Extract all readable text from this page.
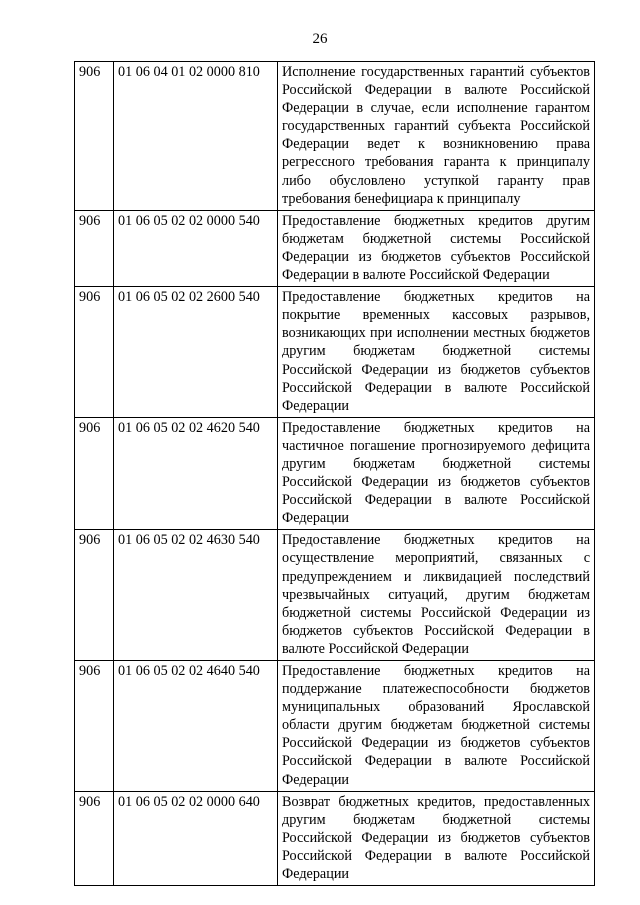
26
906	01 06 04 01 02 0000 810	Исполнение государственных гарантий субъектов Российской Федерации в валюте Российской Федерации в случае, если исполнение гарантом государственных гарантий субъекта Российской Федерации ведет к возникновению права регрессного требования гаранта к принципалу либо обусловлено уступкой гаранту прав требования бенефициара к принципалу
906	01 06 05 02 02 0000 540	Предоставление бюджетных кредитов другим бюджетам бюджетной системы Российской Федерации из бюджетов субъектов Российской Федерации в валюте Российской Федерации
906	01 06 05 02 02 2600 540	Предоставление бюджетных кредитов на покрытие временных кассовых разрывов, возникающих при исполнении местных бюджетов другим бюджетам бюджетной системы Российской Федерации из бюджетов субъектов Российской Федерации в валюте Российской Федерации
906	01 06 05 02 02 4620 540	Предоставление бюджетных кредитов на частичное погашение прогнозируемого дефицита другим бюджетам бюджетной системы Российской Федерации из бюджетов субъектов Российской Федерации в валюте Российской Федерации
906	01 06 05 02 02 4630 540	Предоставление бюджетных кредитов на осуществление мероприятий, связанных с предупреждением и ликвидацией последствий чрезвычайных ситуаций, другим бюджетам бюджетной системы Российской Федерации из бюджетов субъектов Российской Федерации в валюте Российской Федерации
906	01 06 05 02 02 4640 540	Предоставление бюджетных кредитов на поддержание платежеспособности бюджетов муниципальных образований Ярославской области другим бюджетам бюджетной системы Российской Федерации из бюджетов субъектов Российской Федерации в валюте Российской Федерации
906	01 06 05 02 02 0000 640	Возврат бюджетных кредитов, предоставленных другим бюджетам бюджетной системы Российской Федерации из бюджетов субъектов Российской Федерации в валюте Российской Федерации
